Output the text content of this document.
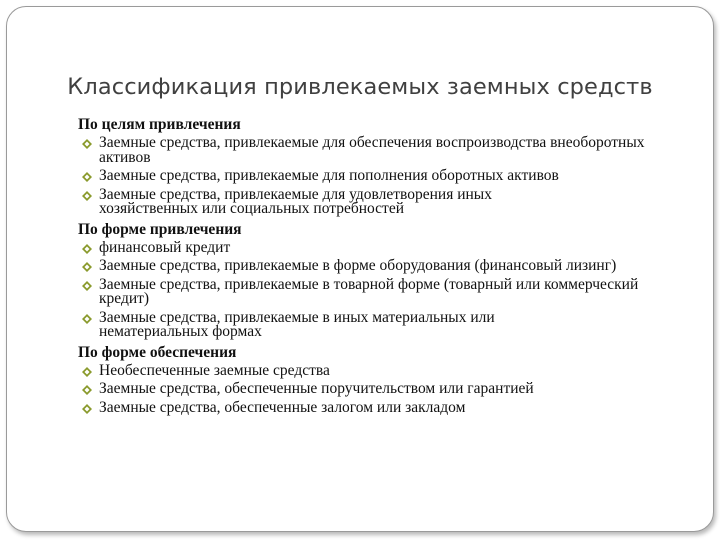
Классификация привлекаемых заемных средств
По целям привлечения
Заемные средства, привлекаемые для обеспечения воспроизводства внеоборотных активов
Заемные средства, привлекаемые для пополнения оборотных активов
Заемные средства, привлекаемые для удовлетворения иных хозяйственных или социальных потребностей
По форме привлечения
финансовый кредит
Заемные средства, привлекаемые в форме оборудования (финансовый лизинг)
Заемные средства, привлекаемые в товарной форме (товарный или коммерческий кредит)
Заемные средства, привлекаемые в иных материальных или нематериальных формах
По форме обеспечения
Необеспеченные заемные средства
Заемные средства, обеспеченные поручительством или гарантией
Заемные средства, обеспеченные залогом или закладом
